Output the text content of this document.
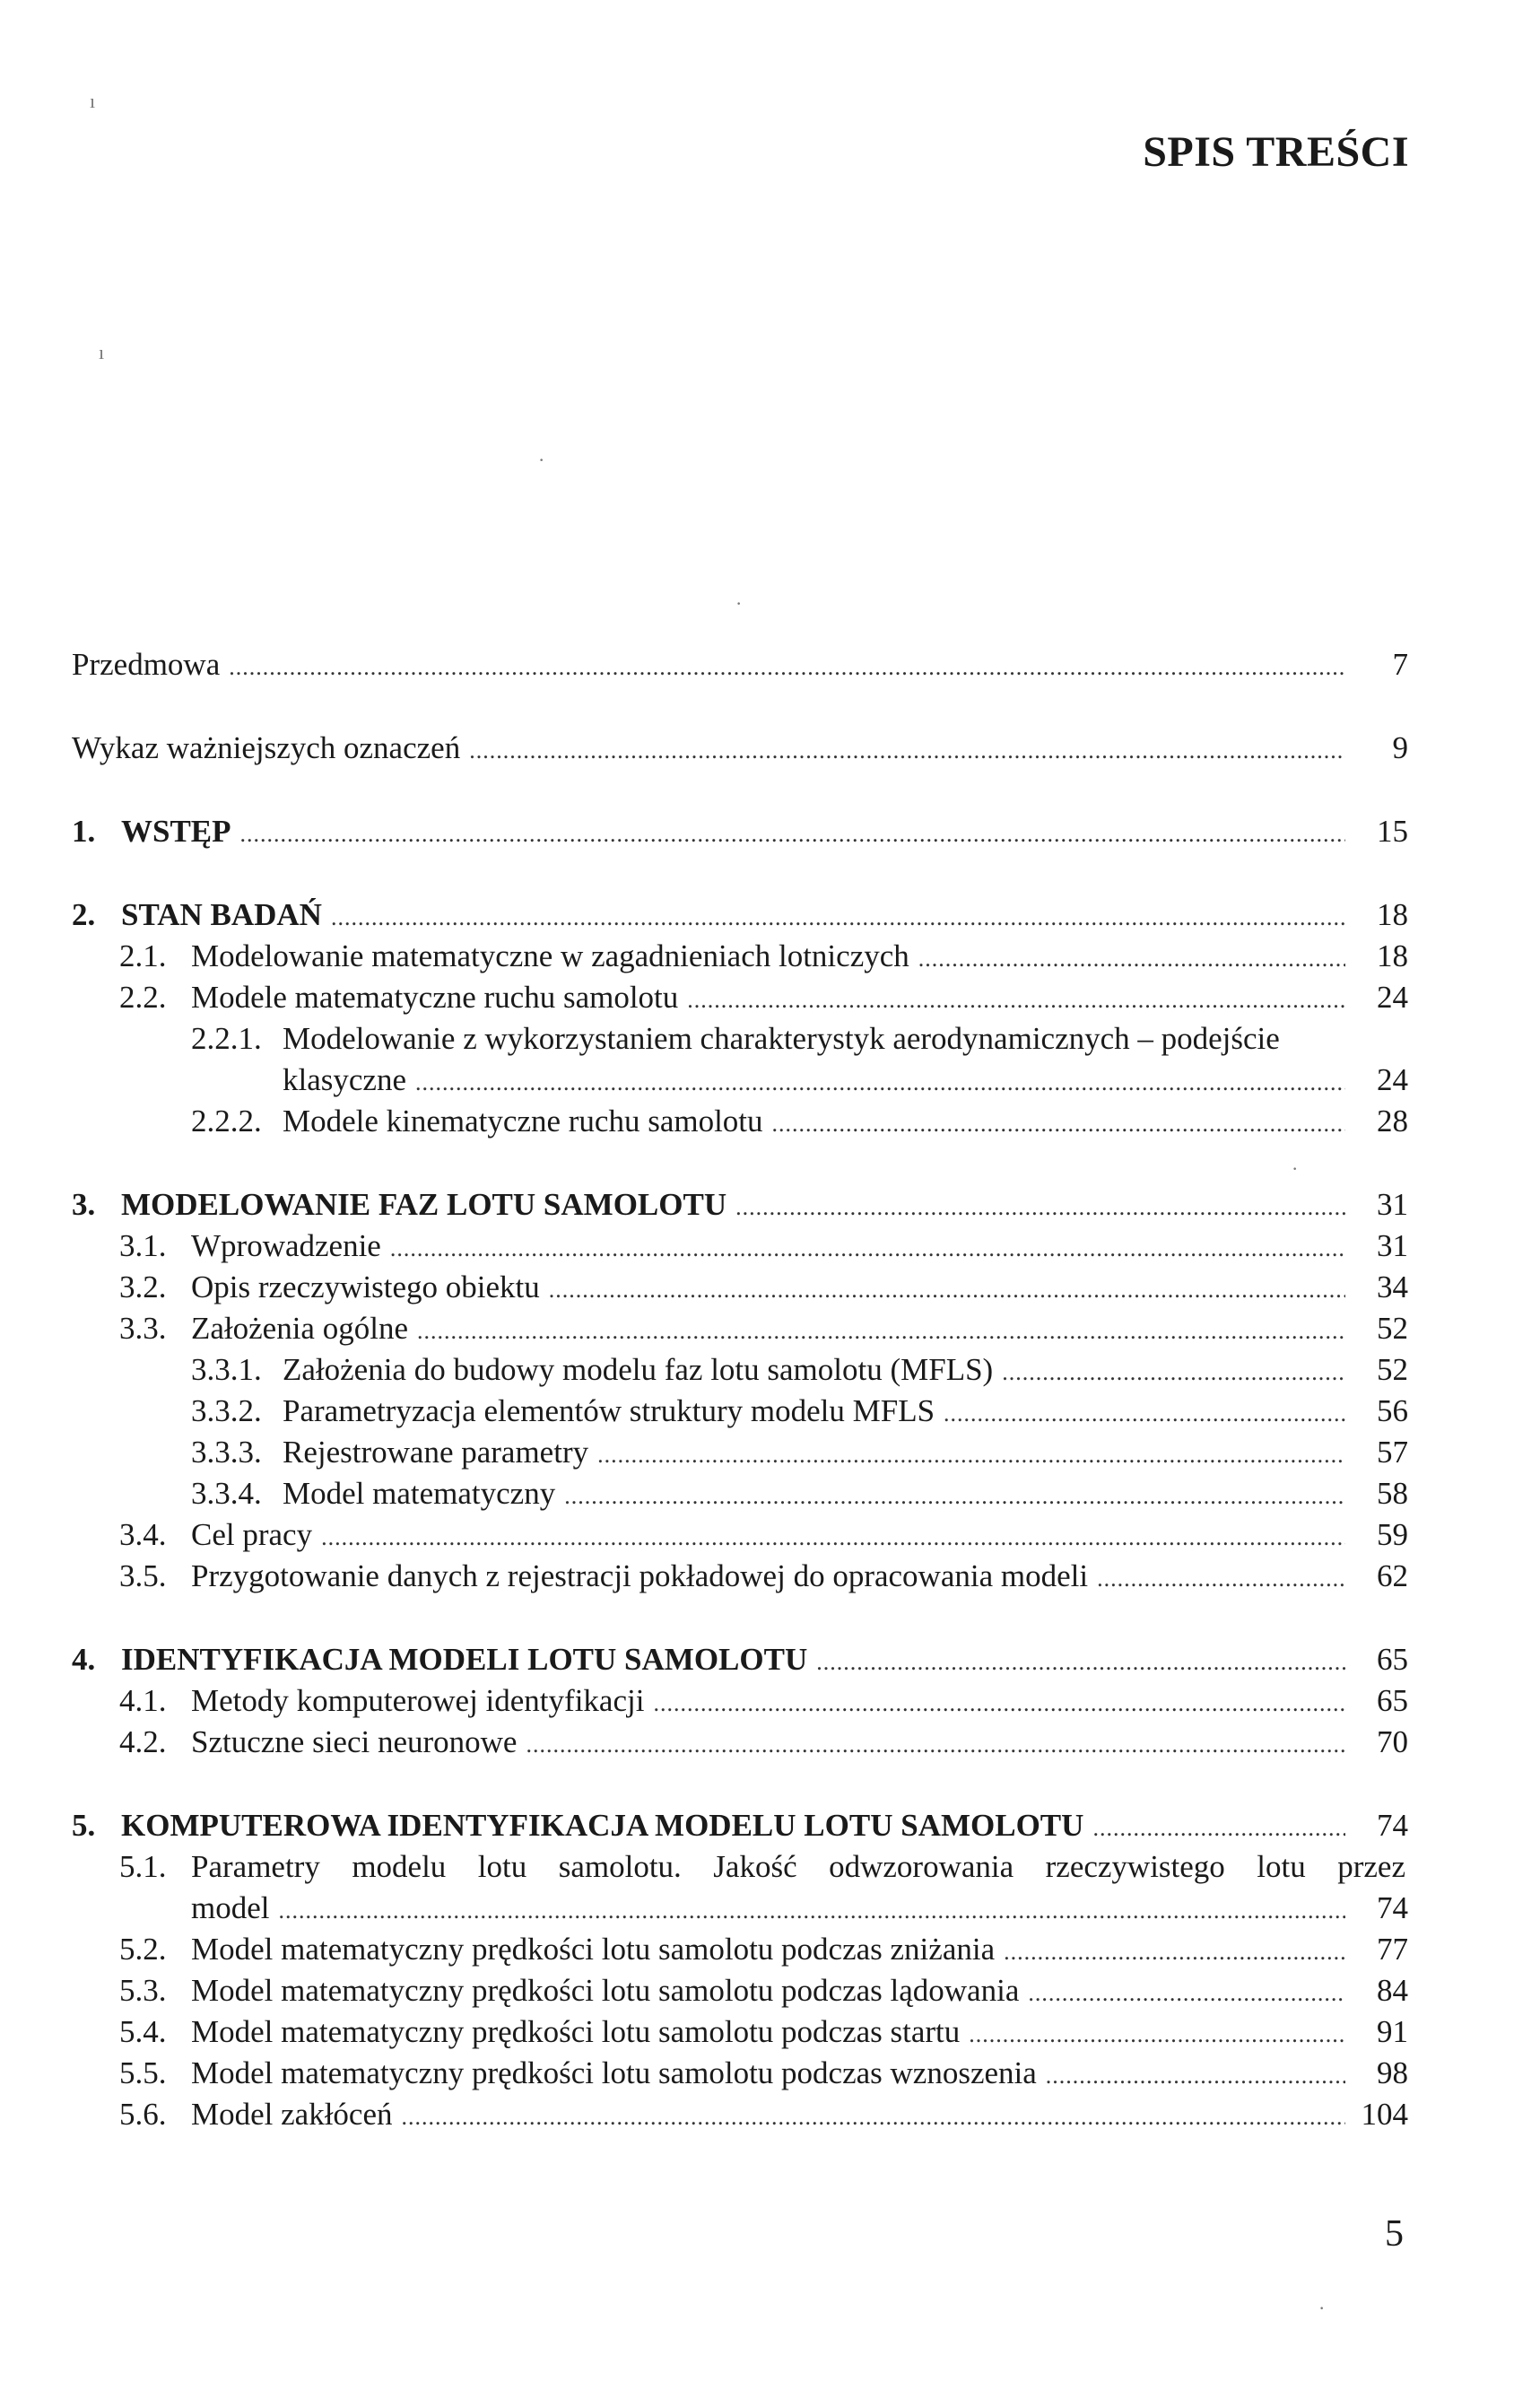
SPIS TREŚCI
Przedmowa .....	7
Wykaz ważniejszych oznaczeń .....	9
1. WSTĘP .....	15
2. STAN BADAŃ .....	18
2.1. Modelowanie matematyczne w zagadnieniach lotniczych .....	18
2.2. Modele matematyczne ruchu samolotu .....	24
2.2.1. Modelowanie z wykorzystaniem charakterystyk aerodynamicznych – podejście
klasyczne .....	24
2.2.2. Modele kinematyczne ruchu samolotu .....	28
3. MODELOWANIE FAZ LOTU SAMOLOTU .....	31
3.1. Wprowadzenie .....	31
3.2. Opis rzeczywistego obiektu .....	34
3.3. Założenia ogólne .....	52
3.3.1. Założenia do budowy modelu faz lotu samolotu (MFLS) .....	52
3.3.2. Parametryzacja elementów struktury modelu MFLS .....	56
3.3.3. Rejestrowane parametry .....	57
3.3.4. Model matematyczny .....	58
3.4. Cel pracy .....	59
3.5. Przygotowanie danych z rejestracji pokładowej do opracowania modeli .....	62
4. IDENTYFIKACJA MODELI LOTU SAMOLOTU .....	65
4.1. Metody komputerowej identyfikacji .....	65
4.2. Sztuczne sieci neuronowe .....	70
5. KOMPUTEROWA IDENTYFIKACJA MODELU LOTU SAMOLOTU .....	74
5.1. Parametry modelu lotu samolotu. Jakość odwzorowania rzeczywistego lotu przez
model .....	74
5.2. Model matematyczny prędkości lotu samolotu podczas zniżania .....	77
5.3. Model matematyczny prędkości lotu samolotu podczas lądowania .....	84
5.4. Model matematyczny prędkości lotu samolotu podczas startu .....	91
5.5. Model matematyczny prędkości lotu samolotu podczas wznoszenia .....	98
5.6. Model zakłóceń .....	104
5
ı
ı
·
·
·
·
